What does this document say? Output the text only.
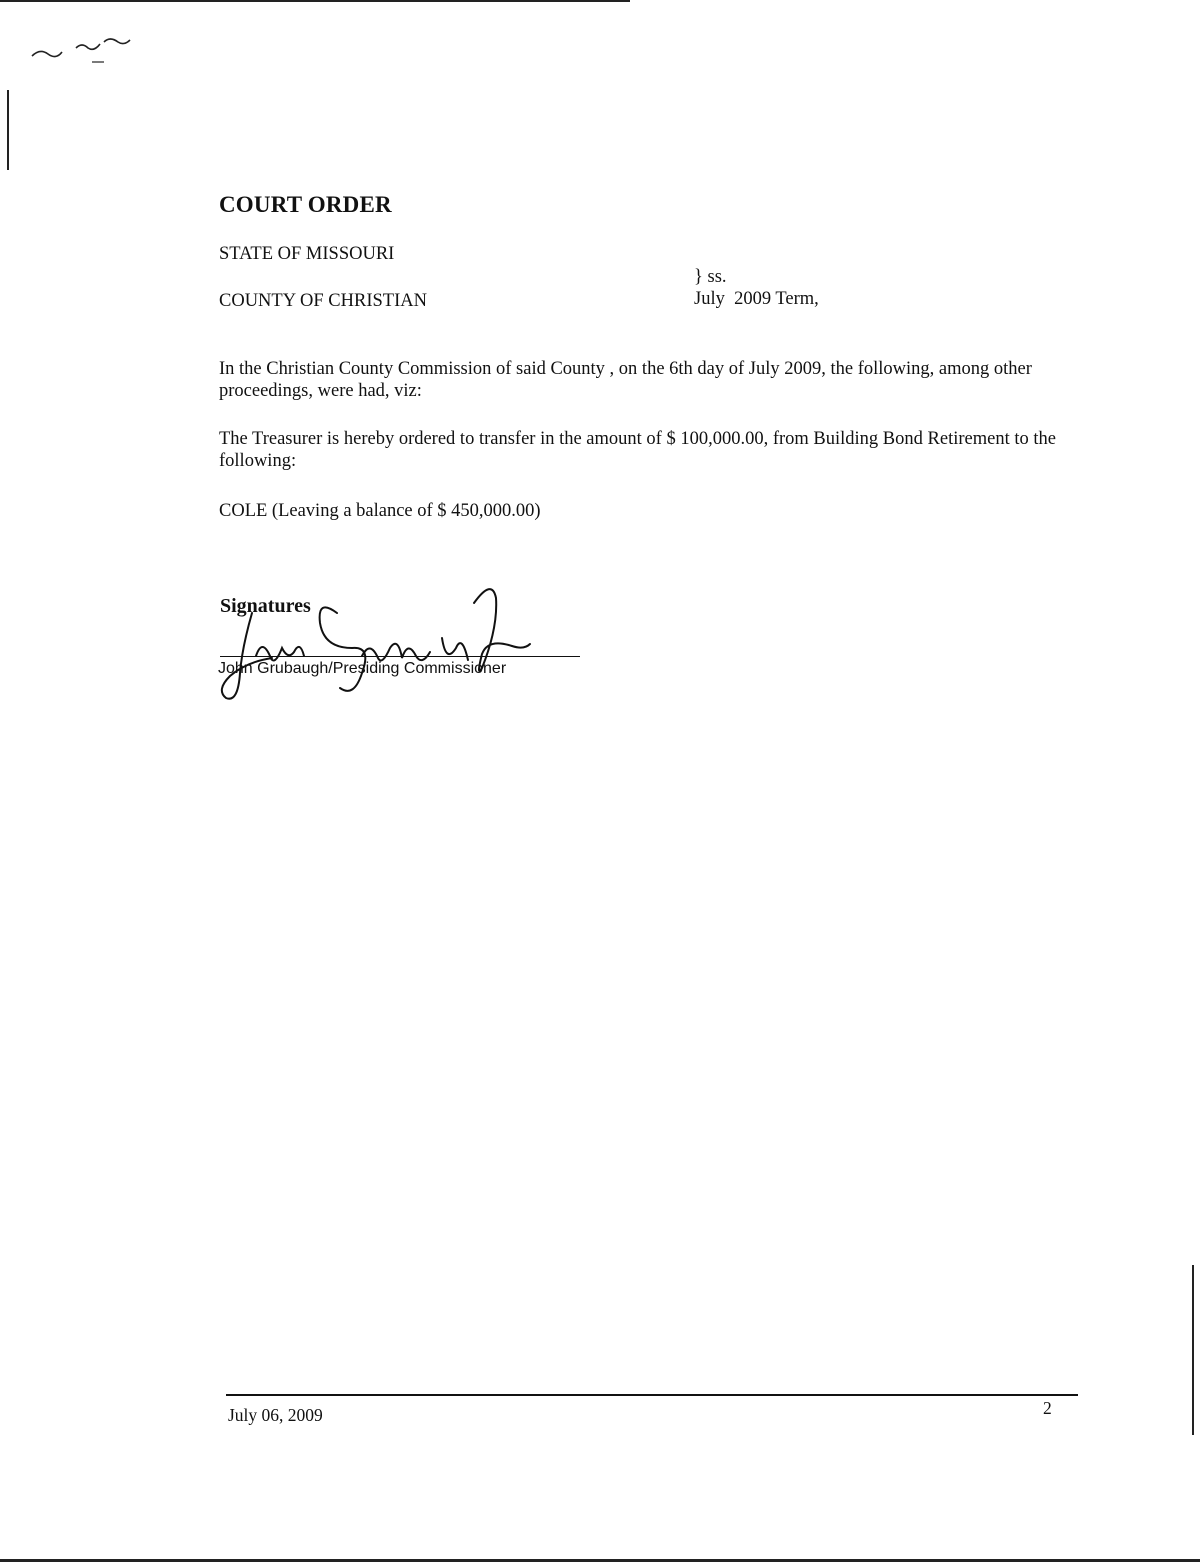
COURT ORDER
STATE OF MISSOURI
} ss.
COUNTY OF CHRISTIAN	July  2009 Term,
In the Christian County Commission of said County , on the 6th day of July 2009, the following, among other proceedings, were had, viz:
The Treasurer is hereby ordered to transfer in the amount of $ 100,000.00, from Building Bond Retirement to the following:
COLE (Leaving a balance of $ 450,000.00)
Signatures
John Grubaugh/Presiding Commissioner
July 06, 2009	2
